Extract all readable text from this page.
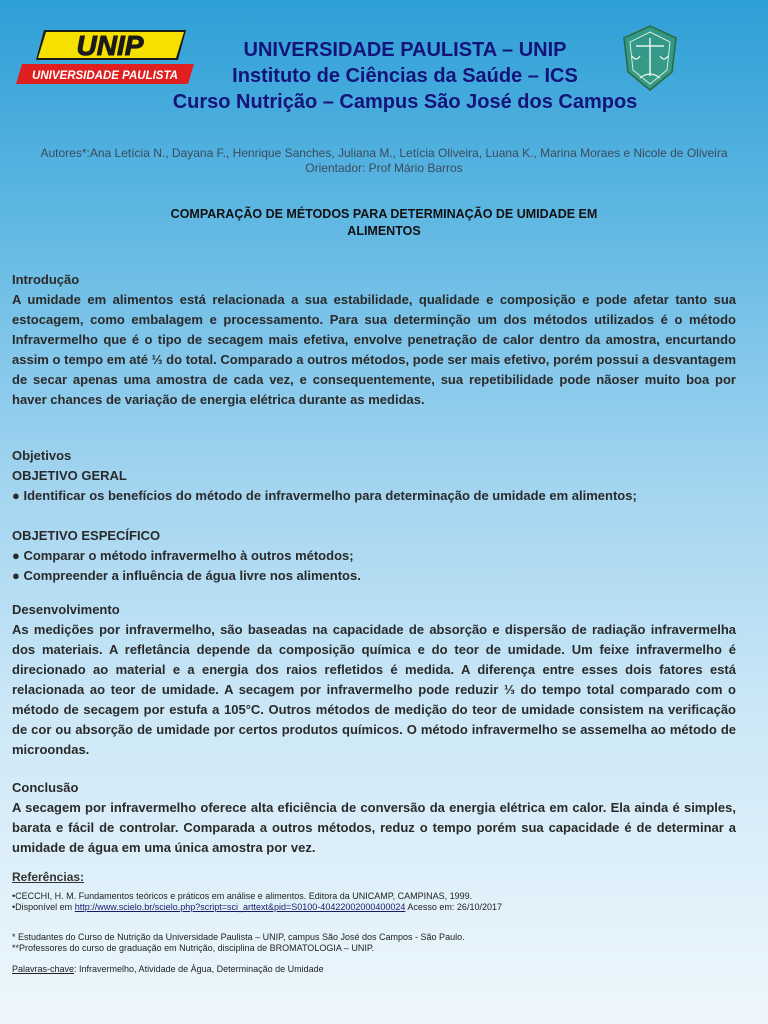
UNIP
UNIVERSIDADE PAULISTA
UNIVERSIDADE PAULISTA – UNIP
Instituto de Ciências da Saúde – ICS
Curso Nutrição – Campus São José dos Campos
Autores*:Ana Letícia N., Dayana F., Henrique Sanches, Juliana M., Letícia Oliveira, Luana K., Marina Moraes e Nicole de Oliveira
Orientador: Prof Mário Barros
COMPARAÇÃO DE MÉTODOS PARA DETERMINAÇÃO DE UMIDADE EM
ALIMENTOS
Introdução

A umidade em alimentos está relacionada a sua estabilidade, qualidade e composição e pode afetar tanto sua estocagem, como embalagem e processamento. Para sua determinção um dos métodos utilizados é o método Infravermelho que é o tipo de secagem mais efetiva, envolve penetração de calor dentro da amostra, encurtando assim o tempo em até ⅓ do total. Comparado a outros métodos, pode ser mais efetivo, porém possui a desvantagem de secar apenas uma amostra de cada vez, e consequentemente, sua repetibilidade pode nãoser muito boa por haver chances de variação de energia elétrica durante as medidas.

Objetivos
OBJETIVO GERAL
● Identificar os benefícios do método de infravermelho para determinação de umidade em alimentos;
OBJETIVO ESPECÍFICO
● Comparar o método infravermelho à outros métodos;
● Compreender a influência de água livre nos alimentos.
Desenvolvimento

As medições por infravermelho, são baseadas na capacidade de absorção e dispersão de radiação infravermelha dos materiais. A refletância depende da composição química e do teor de umidade. Um feixe infravermelho é direcionado ao material e a energia dos raios refletidos é medida. A diferença entre esses dois fatores está relacionada ao teor de umidade. A secagem por infravermelho pode reduzir ⅓ do tempo total comparado com o método de secagem por estufa a 105°C. Outros métodos de medição do teor de umidade consistem na verificação de cor ou absorção de umidade por certos produtos químicos. O método infravermelho se assemelha ao método de microondas.

Conclusão

A secagem por infravermelho oferece alta eficiência de conversão da energia elétrica em calor. Ela ainda é simples, barata e fácil de controlar. Comparada a outros métodos, reduz o tempo porém sua capacidade é de determinar a umidade de água em uma única amostra por vez.

Referências:
•CECCHI, H. M. Fundamentos teóricos e práticos em análise e alimentos. Editora da UNICAMP, CAMPINAS, 1999.
•Disponível em http://www.scielo.br/scielo.php?script=sci_arttext&pid=S0100-40422002000400024 Acesso em: 26/10/2017
* Estudantes do Curso de Nutrição da Universidade Paulista – UNIP, campus São José dos Campos - São Paulo.
**Professores do curso de graduação em Nutrição, disciplina de BROMATOLOGIA – UNIP.
Palavras-chave: Infravermelho, Atividade de Água, Determinação de Umidade
